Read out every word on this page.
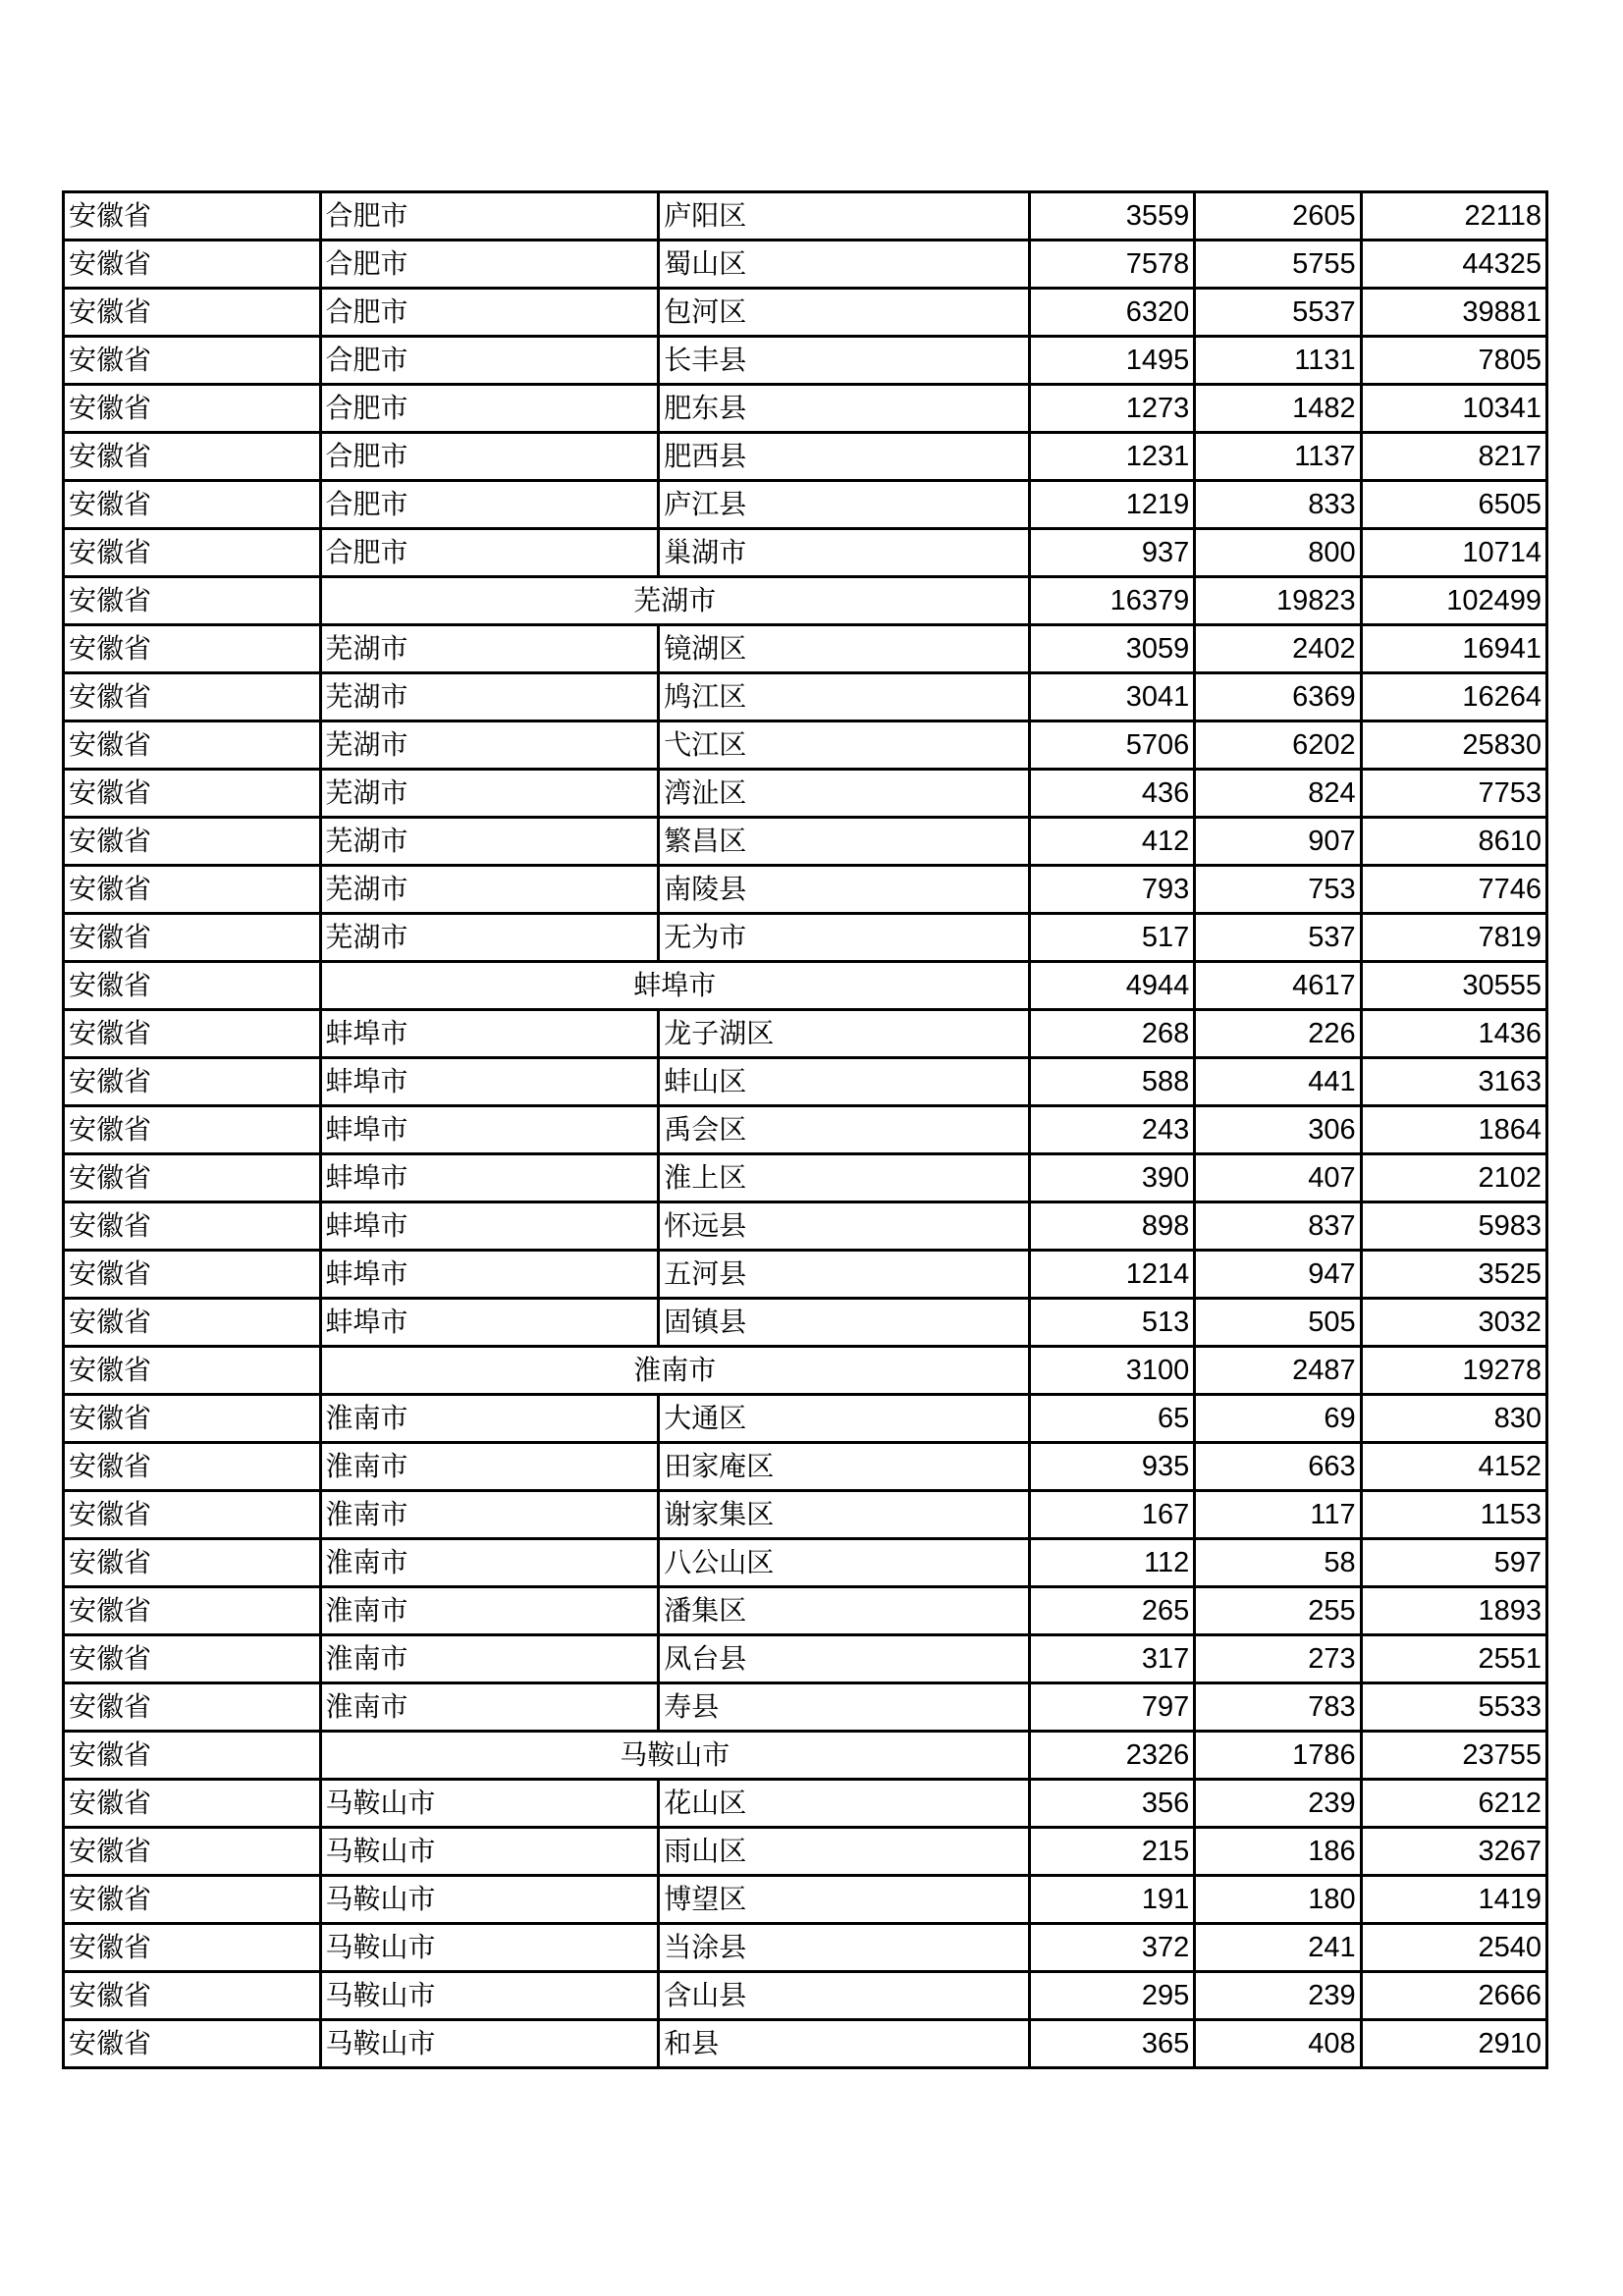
安徽省	合肥市	庐阳区	3559	2605	22118
安徽省	合肥市	蜀山区	7578	5755	44325
安徽省	合肥市	包河区	6320	5537	39881
安徽省	合肥市	长丰县	1495	1131	7805
安徽省	合肥市	肥东县	1273	1482	10341
安徽省	合肥市	肥西县	1231	1137	8217
安徽省	合肥市	庐江县	1219	833	6505
安徽省	合肥市	巢湖市	937	800	10714
安徽省	芜湖市		16379	19823	102499
安徽省	芜湖市	镜湖区	3059	2402	16941
安徽省	芜湖市	鸠江区	3041	6369	16264
安徽省	芜湖市	弋江区	5706	6202	25830
安徽省	芜湖市	湾沚区	436	824	7753
安徽省	芜湖市	繁昌区	412	907	8610
安徽省	芜湖市	南陵县	793	753	7746
安徽省	芜湖市	无为市	517	537	7819
安徽省	蚌埠市		4944	4617	30555
安徽省	蚌埠市	龙子湖区	268	226	1436
安徽省	蚌埠市	蚌山区	588	441	3163
安徽省	蚌埠市	禹会区	243	306	1864
安徽省	蚌埠市	淮上区	390	407	2102
安徽省	蚌埠市	怀远县	898	837	5983
安徽省	蚌埠市	五河县	1214	947	3525
安徽省	蚌埠市	固镇县	513	505	3032
安徽省	淮南市		3100	2487	19278
安徽省	淮南市	大通区	65	69	830
安徽省	淮南市	田家庵区	935	663	4152
安徽省	淮南市	谢家集区	167	117	1153
安徽省	淮南市	八公山区	112	58	597
安徽省	淮南市	潘集区	265	255	1893
安徽省	淮南市	凤台县	317	273	2551
安徽省	淮南市	寿县	797	783	5533
安徽省	马鞍山市		2326	1786	23755
安徽省	马鞍山市	花山区	356	239	6212
安徽省	马鞍山市	雨山区	215	186	3267
安徽省	马鞍山市	博望区	191	180	1419
安徽省	马鞍山市	当涂县	372	241	2540
安徽省	马鞍山市	含山县	295	239	2666
安徽省	马鞍山市	和县	365	408	2910
